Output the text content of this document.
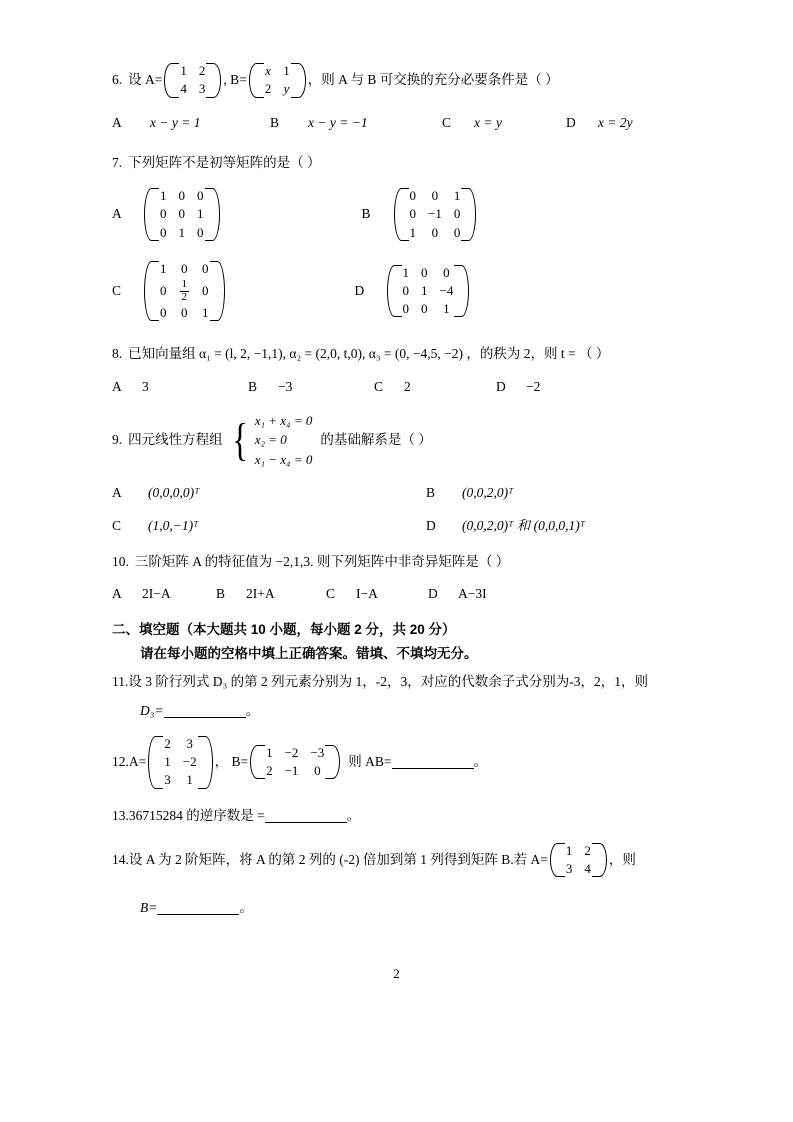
6. 设 A=
1	2
4	3
, B=
x	1
2	y
，则 A 与 B 可交换的充分必要条件是（ ）
A	x − y = 1	B	x − y = −1	C	x = y	D	x = 2y
7. 下列矩阵不是初等矩阵的是（ ）
A
1	0	0
0	0	1
0	1	0
B
0	0	1
0	−1	0
1	0	0
C
1	0	0
0	$\frac{1}{2}$	0
0	0	1
D
1	0	0
0	1	−4
0	0	1
8. 已知向量组 α₁ = (l, 2, −1,1), α₂ = (2,0, t,0), α₃ = (0, −4,5, −2) ，的秩为 2，则 t = （ ）
A	3	B	−3	C	2	D	−2
9. 四元线性方程组 { x₁ + x₄ = 0
x₂ = 0
x₁ − x₄ = 0
的基础解系是（ ）
A	(0,0,0,0)ᵀ	B	(0,0,2,0)ᵀ
C	(1,0,−1)ᵀ	D	(0,0,2,0)ᵀ 和 (0,0,0,1)ᵀ
10. 三阶矩阵 A 的特征值为 −2,1,3. 则下列矩阵中非奇异矩阵是（ ）
A	2I−A	B	2I+A	C	I−A	D	A−3I
二、填空题（本大题共 10 小题，每小题 2 分，共 20 分）
请在每小题的空格中填上正确答案。错填、不填均无分。
11. 设 3 阶行列式 D₃ 的第 2 列元素分别为 1，-2，3，对应的代数余子式分别为-3，2，1，则
D₃=	。
12. A=
2	3
1	−2
3	1
， B=
1	−2	−3
2	−1	0
则 AB=	。
13. 36715284 的逆序数是 =	。
14. 设 A 为 2 阶矩阵，将 A 的第 2 列的 (-2) 倍加到第 1 列得到矩阵 B.若 A=
1	2
3	4
，则
B=	。
2
